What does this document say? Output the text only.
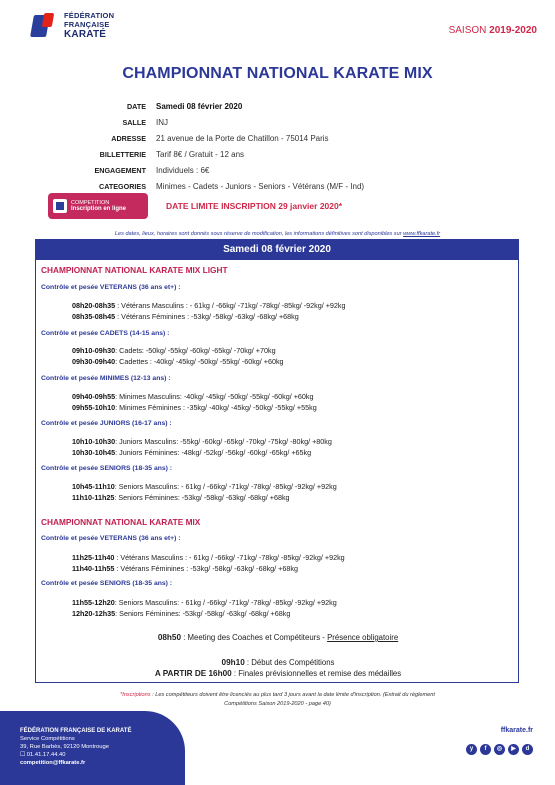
FÉDÉRATION
FRANÇAISE
KARATÉ	SAISON 2019-2020
CHAMPIONNAT NATIONAL KARATE MIX
DATE	Samedi 08 février 2020
SALLE	INJ
ADRESSE	21 avenue de la Porte de Chatillon - 75014 Paris
BILLETTERIE	Tarif 8€ / Gratuit - 12 ans
ENGAGEMENT	Individuels : 6€
CATEGORIES	Minimes - Cadets - Juniors - Seniors - Vétérans (M/F - Ind)
COMPETITION
Inscription en ligne	DATE LIMITE INSCRIPTION 29 janvier 2020*
Les dates, lieux, horaires sont donnés sous réserve de modification, les informations définitives sont disponibles sur www.ffkarate.fr
Samedi 08 février 2020
CHAMPIONNAT NATIONAL KARATE MIX LIGHT
Contrôle et pesée VETERANS (36 ans et+) :
08h20-08h35 : Vétérans Masculins : - 61kg / -66kg/ -71kg/ -78kg/ -85kg/ -92kg/ +92kg
08h35-08h45 : Vétérans Féminines : -53kg/ -58kg/ -63kg/ -68kg/ +68kg
Contrôle et pesée CADETS (14-15 ans) :
09h10-09h30: Cadets: -50kg/ -55kg/ -60kg/ -65kg/ -70kg/ +70kg
09h30-09h40: Cadettes : -40kg/ -45kg/ -50kg/ -55kg/ -60kg/ +60kg
Contrôle et pesée MINIMES (12-13 ans) :
09h40-09h55: Minimes Masculins: -40kg/ -45kg/ -50kg/ -55kg/ -60kg/ +60kg
09h55-10h10: Minimes Féminines : -35kg/ -40kg/ -45kg/ -50kg/ -55kg/ +55kg
Contrôle et pesée JUNIORS (16-17 ans) :
10h10-10h30: Juniors Masculins: -55kg/ -60kg/ -65kg/ -70kg/ -75kg/ -80kg/ +80kg
10h30-10h45: Juniors Féminines: -48kg/ -52kg/ -56kg/ -60kg/ -65kg/ +65kg
Contrôle et pesée SENIORS (18-35 ans) :
10h45-11h10: Seniors Masculins: - 61kg / -66kg/ -71kg/ -78kg/ -85kg/ -92kg/ +92kg
11h10-11h25: Seniors Féminines: -53kg/ -58kg/ -63kg/ -68kg/ +68kg
CHAMPIONNAT NATIONAL KARATE MIX
Contrôle et pesée VETERANS (36 ans et+) :
11h25-11h40 : Vétérans Masculins : - 61kg / -66kg/ -71kg/ -78kg/ -85kg/ -92kg/ +92kg
11h40-11h55 : Vétérans Féminines : -53kg/ -58kg/ -63kg/ -68kg/ +68kg
Contrôle et pesée SENIORS (18-35 ans) :
11h55-12h20: Seniors Masculins: - 61kg / -66kg/ -71kg/ -78kg/ -85kg/ -92kg/ +92kg
12h20-12h35: Seniors Féminines: -53kg/ -58kg/ -63kg/ -68kg/ +68kg
08h50 : Meeting des Coaches et Compétiteurs - Présence obligatoire
09h10 : Début des Compétitions
A PARTIR DE 16h00 : Finales prévisionnelles et remise des médailles
*Inscriptions : Les compétiteurs doivent être licenciés au plus tard 3 jours avant la date limite d'inscription. (Extrait du règlement
Compétitions Saison 2019-2020 - page 40)
FÉDÉRATION FRANÇAISE DE KARATÉ
Service Compétitions
39, Rue Barbès, 92120 Montrouge
☐ 01.41.17.44.40
competition@ffkarate.fr
ffkarate.fr
y	f	◎	▶	d
